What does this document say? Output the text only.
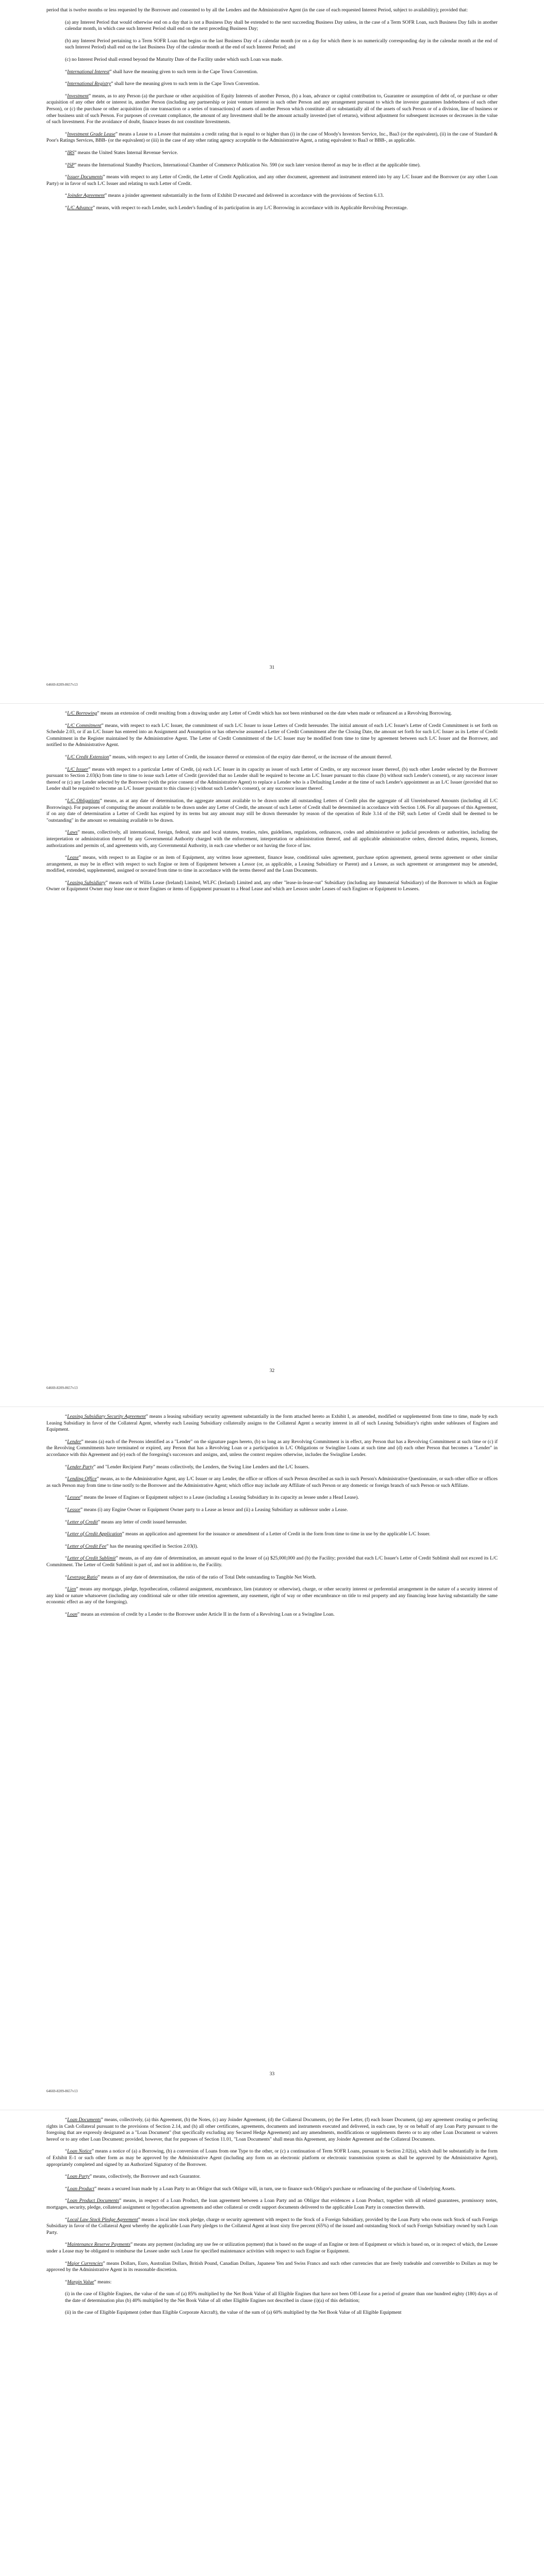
period that is twelve months or less requested by the Borrower and consented to by all the Lenders and the Administrative Agent (in the case of each requested Interest Period, subject to availability); provided that:

(a) any Interest Period that would otherwise end on a day that is not a Business Day shall be extended to the next succeeding Business Day unless, in the case of a Term SOFR Loan, such Business Day falls in another calendar month, in which case such Interest Period shall end on the next preceding Business Day;

(b) any Interest Period pertaining to a Term SOFR Loan that begins on the last Business Day of a calendar month (or on a day for which there is no numerically corresponding day in the calendar month at the end of such Interest Period) shall end on the last Business Day of the calendar month at the end of such Interest Period; and

(c) no Interest Period shall extend beyond the Maturity Date of the Facility under which such Loan was made.

“International Interest” shall have the meaning given to such term in the Cape Town Convention.

“International Registry” shall have the meaning given to such term in the Cape Town Convention.

“Investment” means, as to any Person (a) the purchase or other acquisition of Equity Interests of another Person, (b) a loan, advance or capital contribution to, Guarantee or assumption of debt of, or purchase or other acquisition of any other debt or interest in, another Person (including any partnership or joint venture interest in such other Person and any arrangement pursuant to which the investor guarantees Indebtedness of such other Person), or (c) the purchase or other acquisition (in one transaction or a series of transactions) of assets of another Person which constitute all or substantially all of the assets of such Person or of a division, line of business or other business unit of such Person. For purposes of covenant compliance, the amount of any Investment shall be the amount actually invested (net of returns), without adjustment for subsequent increases or decreases in the value of such Investment. For the avoidance of doubt, finance leases do not constitute Investments.

“Investment Grade Lease” means a Lease to a Lessee that maintains a credit rating that is equal to or higher than (i) in the case of Moody's Investors Service, Inc., Baa3 (or the equivalent), (ii) in the case of Standard & Poor's Ratings Services, BBB- (or the equivalent) or (iii) in the case of any other rating agency acceptable to the Administrative Agent, a rating equivalent to Baa3 or BBB-, as applicable.

“IRS” means the United States Internal Revenue Service.

“ISP” means the International Standby Practices, International Chamber of Commerce Publication No. 590 (or such later version thereof as may be in effect at the applicable time).

“Issuer Documents” means with respect to any Letter of Credit, the Letter of Credit Application, and any other document, agreement and instrument entered into by any L/C Issuer and the Borrower (or any other Loan Party) or in favor of such L/C Issuer and relating to such Letter of Credit.

“Joinder Agreement” means a joinder agreement substantially in the form of Exhibit D executed and delivered in accordance with the provisions of Section 6.13.

“L/C Advance” means, with respect to each Lender, such Lender's funding of its participation in any L/C Borrowing in accordance with its Applicable Revolving Percentage.

31
64669-8209-8657v13

“L/C Borrowing” means an extension of credit resulting from a drawing under any Letter of Credit which has not been reimbursed on the date when made or refinanced as a Revolving Borrowing.

“L/C Commitment” means, with respect to each L/C Issuer, the commitment of such L/C Issuer to issue Letters of Credit hereunder. The initial amount of each L/C Issuer's Letter of Credit Commitment is set forth on Schedule 2.03, or if an L/C Issuer has entered into an Assignment and Assumption or has otherwise assumed a Letter of Credit Commitment after the Closing Date, the amount set forth for such L/C Issuer as its Letter of Credit Commitment in the Register maintained by the Administrative Agent. The Letter of Credit Commitment of the L/C Issuer may be modified from time to time by agreement between such L/C Issuer and the Borrower, and notified to the Administrative Agent.

“L/C Credit Extension” means, with respect to any Letter of Credit, the issuance thereof or extension of the expiry date thereof, or the increase of the amount thereof.

“L/C Issuer” means with respect to a particular Letter of Credit, (a) each L/C Issuer in its capacity as issuer of such Letter of Credits, or any successor issuer thereof, (b) such other Lender selected by the Borrower pursuant to Section 2.03(k) from time to time to issue such Letter of Credit (provided that no Lender shall be required to become an L/C Issuer pursuant to this clause (b) without such Lender's consent), or any successor issuer thereof or (c) any Lender selected by the Borrower (with the prior consent of the Administrative Agent) to replace a Lender who is a Defaulting Lender at the time of such Lender's appointment as an L/C Issuer (provided that no Lender shall be required to become an L/C Issuer pursuant to this clause (c) without such Lender's consent), or any successor issuer thereof.

“L/C Obligations” means, as at any date of determination, the aggregate amount available to be drawn under all outstanding Letters of Credit plus the aggregate of all Unreimbursed Amounts (including all L/C Borrowings). For purposes of computing the amount available to be drawn under any Letter of Credit, the amount of such Letter of Credit shall be determined in accordance with Section 1.06. For all purposes of this Agreement, if on any date of determination a Letter of Credit has expired by its terms but any amount may still be drawn thereunder by reason of the operation of Rule 3.14 of the ISP, such Letter of Credit shall be deemed to be "outstanding" in the amount so remaining available to be drawn.

“Laws” means, collectively, all international, foreign, federal, state and local statutes, treaties, rules, guidelines, regulations, ordinances, codes and administrative or judicial precedents or authorities, including the interpretation or administration thereof by any Governmental Authority charged with the enforcement, interpretation or administration thereof, and all applicable administrative orders, directed duties, requests, licenses, authorizations and permits of, and agreements with, any Governmental Authority, in each case whether or not having the force of law.

“Lease” means, with respect to an Engine or an item of Equipment, any written lease agreement, finance lease, conditional sales agreement, purchase option agreement, general terms agreement or other similar arrangement, as may be in effect with respect to such Engine or item of Equipment between a Lessor (or, as applicable, a Leasing Subsidiary or Parent) and a Lessee, as such agreement or arrangement may be amended, modified, extended, supplemented, assigned or novated from time to time in accordance with the terms thereof and the Loan Documents.

“Leasing Subsidiary” means each of Willis Lease (Ireland) Limited, WLFC (Ireland) Limited and, any other "lease-in-lease-out" Subsidiary (including any Immaterial Subsidiary) of the Borrower to which an Engine Owner or Equipment Owner may lease one or more Engines or items of Equipment pursuant to a Head Lease and which are Lessors under Leases of such Engines or Equipment to Lessees.

32
64669-8209-8657v13

“Leasing Subsidiary Security Agreement” means a leasing subsidiary security agreement substantially in the form attached hereto as Exhibit I, as amended, modified or supplemented from time to time, made by each Leasing Subsidiary in favor of the Collateral Agent, whereby each Leasing Subsidiary collaterally assigns to the Collateral Agent a security interest in all of such Leasing Subsidiary's rights under subleases of Engines and Equipment.

“Lender” means (a) each of the Persons identified as a "Lender" on the signature pages hereto, (b) so long as any Revolving Commitment is in effect, any Person that has a Revolving Commitment at such time or (c) if the Revolving Commitments have terminated or expired, any Person that has a Revolving Loan or a participation in L/C Obligations or Swingline Loans at such time and (d) each other Person that becomes a "Lender" in accordance with this Agreement and (e) each of the foregoing's successors and assigns, and, unless the context requires otherwise, includes the Swingline Lender.

“Lender Party” and "Lender Recipient Party" means collectively, the Lenders, the Swing Line Lenders and the L/C Issuers.

“Lending Office” means, as to the Administrative Agent, any L/C Issuer or any Lender, the office or offices of such Person described as such in such Person's Administrative Questionnaire, or such other office or offices as such Person may from time to time notify to the Borrower and the Administrative Agent; which office may include any Affiliate of such Person or any domestic or foreign branch of such Person or such Affiliate.

“Lessee” means the lessee of Engines or Equipment subject to a Lease (including a Leasing Subsidiary in its capacity as lessee under a Head Lease).

“Lessor” means (i) any Engine Owner or Equipment Owner party to a Lease as lessor and (ii) a Leasing Subsidiary as sublessor under a Lease.

“Letter of Credit” means any letter of credit issued hereunder.

“Letter of Credit Application” means an application and agreement for the issuance or amendment of a Letter of Credit in the form from time to time in use by the applicable L/C Issuer.

“Letter of Credit Fee” has the meaning specified in Section 2.03(l).

“Letter of Credit Sublimit” means, as of any date of determination, an amount equal to the lesser of (a) $25,000,000 and (b) the Facility; provided that each L/C Issuer's Letter of Credit Sublimit shall not exceed its L/C Commitment. The Letter of Credit Sublimit is part of, and not in addition to, the Facility.

“Leverage Ratio” means as of any date of determination, the ratio of the ratio of Total Debt outstanding to Tangible Net Worth.

“Lien” means any mortgage, pledge, hypothecation, collateral assignment, encumbrance, lien (statutory or otherwise), charge, or other security interest or preferential arrangement in the nature of a security interest of any kind or nature whatsoever (including any conditional sale or other title retention agreement, any easement, right of way or other encumbrance on title to real property and any financing lease having substantially the same economic effect as any of the foregoing).

“Loan” means an extension of credit by a Lender to the Borrower under Article II in the form of a Revolving Loan or a Swingline Loan.

33
64669-8209-8657v13

“Loan Documents” means, collectively, (a) this Agreement, (b) the Notes, (c) any Joinder Agreement, (d) the Collateral Documents, (e) the Fee Letter, (f) each Issuer Document, (g) any agreement creating or perfecting rights in Cash Collateral pursuant to the provisions of Section 2.14, and (h) all other certificates, agreements, documents and instruments executed and delivered, in each case, by or on behalf of any Loan Party pursuant to the foregoing that are expressly designated as a "Loan Document" (but specifically excluding any Secured Hedge Agreement) and any amendments, modifications or supplements thereto or to any other Loan Document or waivers hereof or to any other Loan Document; provided, however, that for purposes of Section 11.01, "Loan Documents" shall mean this Agreement, any Joinder Agreement and the Collateral Documents.

“Loan Notice” means a notice of (a) a Borrowing, (b) a conversion of Loans from one Type to the other, or (c) a continuation of Term SOFR Loans, pursuant to Section 2.02(a), which shall be substantially in the form of Exhibit E-1 or such other form as may be approved by the Administrative Agent (including any form on an electronic platform or electronic transmission system as shall be approved by the Administrative Agent), appropriately completed and signed by an Authorized Signatory of the Borrower.

“Loan Party” means, collectively, the Borrower and each Guarantor.

“Loan Product” means a secured loan made by a Loan Party to an Obligor that such Obligor will, in turn, use to finance such Obligor's purchase or refinancing of the purchase of Underlying Assets.

“Loan Product Documents” means, in respect of a Loan Product, the loan agreement between a Loan Party and an Obligor that evidences a Loan Product, together with all related guarantees, promissory notes, mortgages, security, pledge, collateral assignment or hypothecation agreements and other collateral or credit support documents delivered to the applicable Loan Party in connection therewith.

“Local Law Stock Pledge Agreement” means a local law stock pledge, charge or security agreement with respect to the Stock of a Foreign Subsidiary, provided by the Loan Party who owns such Stock of such Foreign Subsidiary in favor of the Collateral Agent whereby the applicable Loan Party pledges to the Collateral Agent at least sixty five percent (65%) of the issued and outstanding Stock of such Foreign Subsidiary owned by such Loan Party.

“Maintenance Reserve Payments” means any payment (including any use fee or utilization payment) that is based on the usage of an Engine or item of Equipment or which is based on, or in respect of which, the Lessee under a Lease may be obligated to reimburse the Lessee under such Lease for specified maintenance activities with respect to such Engine or Equipment.

“Major Currencies” means Dollars, Euro, Australian Dollars, British Pound, Canadian Dollars, Japanese Yen and Swiss Francs and such other currencies that are freely tradeable and convertible to Dollars as may be approved by the Administrative Agent in its reasonable discretion.

“Margin Value” means:

(i) in the case of Eligible Engines, the value of the sum of (a) 85% multiplied by the Net Book Value of all Eligible Engines that have not been Off-Lease for a period of greater than one hundred eighty (180) days as of the date of determination plus (b) 40% multiplied by the Net Book Value of all other Eligible Engines not described in clause (i)(a) of this definition;

(ii) in the case of Eligible Equipment (other than Eligible Corporate Aircraft), the value of the sum of (a) 60% multiplied by the Net Book Value of all Eligible Equipment
